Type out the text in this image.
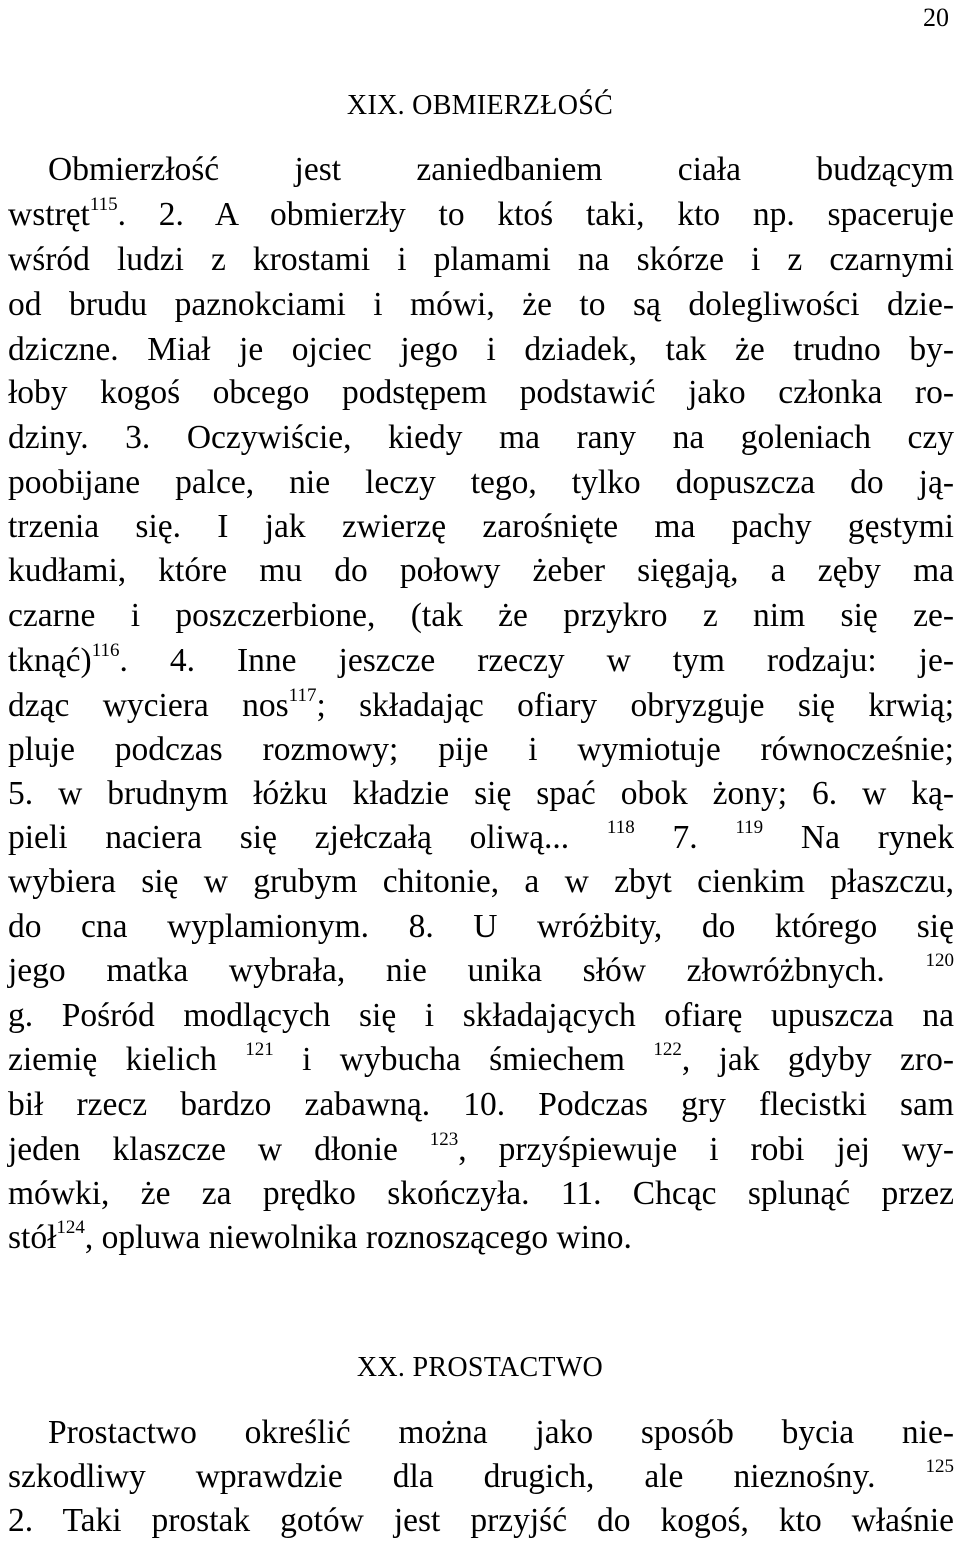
20
XIX. OBMIERZŁOŚĆ
Obmierzłość jest zaniedbaniem ciała budzącym
wstręt$^{115}$. 2. A obmierzły to ktoś taki, kto np. spaceruje
wśród ludzi z krostami i plamami na skórze i z czarnymi
od brudu paznokciami i mówi, że to są dolegliwości dzie-
dziczne. Miał je ojciec jego i dziadek, tak że trudno by-
łoby kogoś obcego podstępem podstawić jako członka ro-
dziny. 3. Oczywiście, kiedy ma rany na goleniach czy
poobijane palce, nie leczy tego, tylko dopuszcza do ją-
trzenia się. I jak zwierzę zarośnięte ma pachy gęstymi
kudłami, które mu do połowy żeber sięgają, a zęby ma
czarne i poszczerbione, (tak że przykro z nim się ze-
tknąć)$^{116}$. 4. Inne jeszcze rzeczy w tym rodzaju: je-
dząc wyciera nos$^{117}$; składając ofiary obryzguje się krwią;
pluje podczas rozmowy; pije i wymiotuje równocześnie;
5. w brudnym łóżku kładzie się spać obok żony; 6. w ką-
pieli naciera się zjełczałą oliwą... $^{118}$ 7. $^{119}$ Na rynek
wybiera się w grubym chitonie, a w zbyt cienkim płaszczu,
do cna wyplamionym. 8. U wróżbity, do którego się
jego matka wybrała, nie unika słów złowróżbnych. $^{120}$
g. Pośród modlących się i składających ofiarę upuszcza na
ziemię kielich $^{121}$ i wybucha śmiechem $^{122}$, jak gdyby zro-
bił rzecz bardzo zabawną. 10. Podczas gry flecistki sam
jeden klaszcze w dłonie $^{123}$, przyśpiewuje i robi jej wy-
mówki, że za prędko skończyła. 11. Chcąc splunąć przez
stół$^{124}$, opluwa niewolnika roznoszącego wino.
XX. PROSTACTWO
Prostactwo określić można jako sposób bycia nie-
szkodliwy wprawdzie dla drugich, ale nieznośny. $^{125}$
2. Taki prostak gotów jest przyjść do kogoś, kto właśnie
